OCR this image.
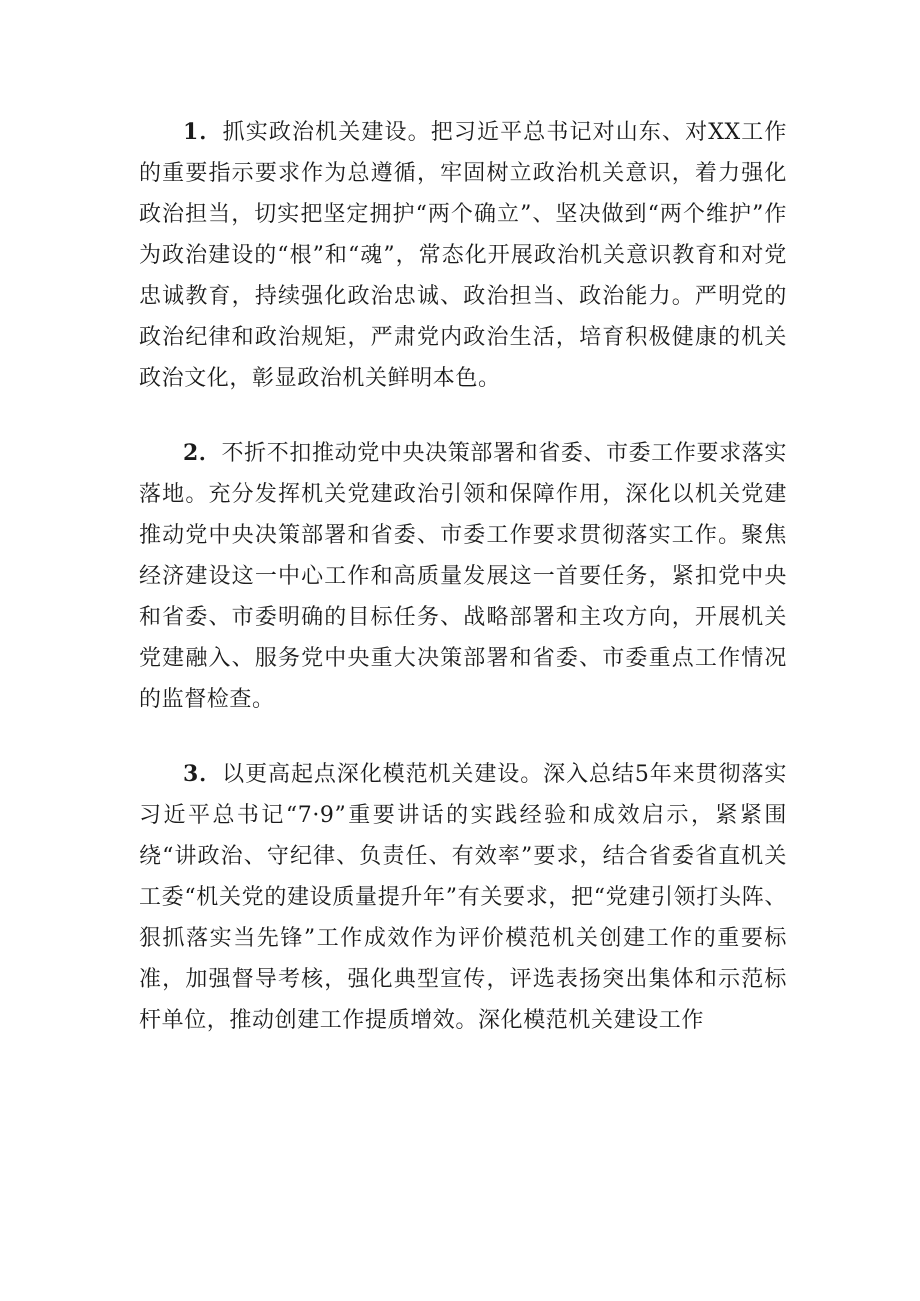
1．抓实政治机关建设。把习近平总书记对山东、对XX工作的重要指示要求作为总遵循，牢固树立政治机关意识，着力强化政治担当，切实把坚定拥护“两个确立”、坚决做到“两个维护”作为政治建设的“根”和“魂”，常态化开展政治机关意识教育和对党忠诚教育，持续强化政治忠诚、政治担当、政治能力。严明党的政治纪律和政治规矩，严肃党内政治生活，培育积极健康的机关政治文化，彰显政治机关鲜明本色。

2．不折不扣推动党中央决策部署和省委、市委工作要求落实落地。充分发挥机关党建政治引领和保障作用，深化以机关党建推动党中央决策部署和省委、市委工作要求贯彻落实工作。聚焦经济建设这一中心工作和高质量发展这一首要任务，紧扣党中央和省委、市委明确的目标任务、战略部署和主攻方向，开展机关党建融入、服务党中央重大决策部署和省委、市委重点工作情况的监督检查。

3．以更高起点深化模范机关建设。深入总结5年来贯彻落实习近平总书记“7·9”重要讲话的实践经验和成效启示，紧紧围绕“讲政治、守纪律、负责任、有效率”要求，结合省委省直机关工委“机关党的建设质量提升年”有关要求，把“党建引领打头阵、狠抓落实当先锋”工作成效作为评价模范机关创建工作的重要标准，加强督导考核，强化典型宣传，评选表扬突出集体和示范标杆单位，推动创建工作提质增效。深化模范机关建设工作
